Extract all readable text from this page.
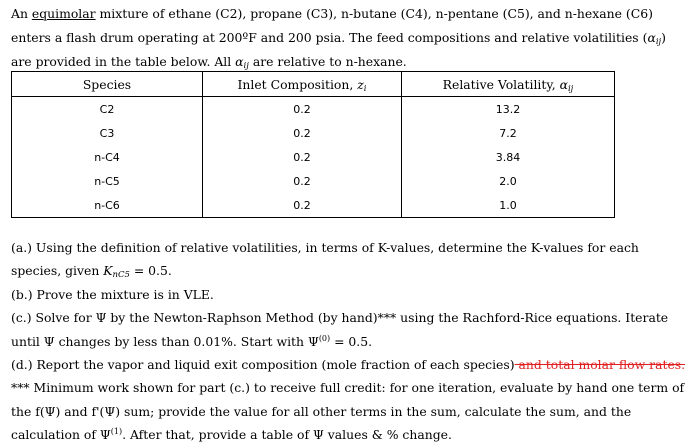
An equimolar mixture of ethane (C2), propane (C3), n-butane (C4), n-pentane (C5), and n-hexane (C6)
enters a flash drum operating at 200ºF and 200 psia. The feed compositions and relative volatilities $(\alpha_{ij})$
are provided in the table below. All $\alpha_{ij}$ are relative to n-hexane.
Species	Inlet Composition, $z_i$	Relative Volatility, $\alpha_{ij}$
C2	0.2	13.2
C3	0.2	7.2
n-C4	0.2	3.84
n-C5	0.2	2.0
n-C6	0.2	1.0
(a.) Using the definition of relative volatilities, in terms of K-values, determine the K-values for each
species, given $K_{nC5} = 0.5$.
(b.) Prove the mixture is in VLE.
(c.) Solve for Ψ by the Newton-Raphson Method (by hand)*** using the Rachford-Rice equations. Iterate
until Ψ changes by less than 0.01%. Start with $\Psi^{(0)} = 0.5$.
(d.) Report the vapor and liquid exit composition (mole fraction of each species) and total molar flow rates.
*** Minimum work shown for part (c.) to receive full credit: for one iteration, evaluate by hand one term of
the f(Ψ) and f'(Ψ) sum; provide the value for all other terms in the sum, calculate the sum, and the
calculation of $\Psi^{(1)}$. After that, provide a table of Ψ values & % change.
